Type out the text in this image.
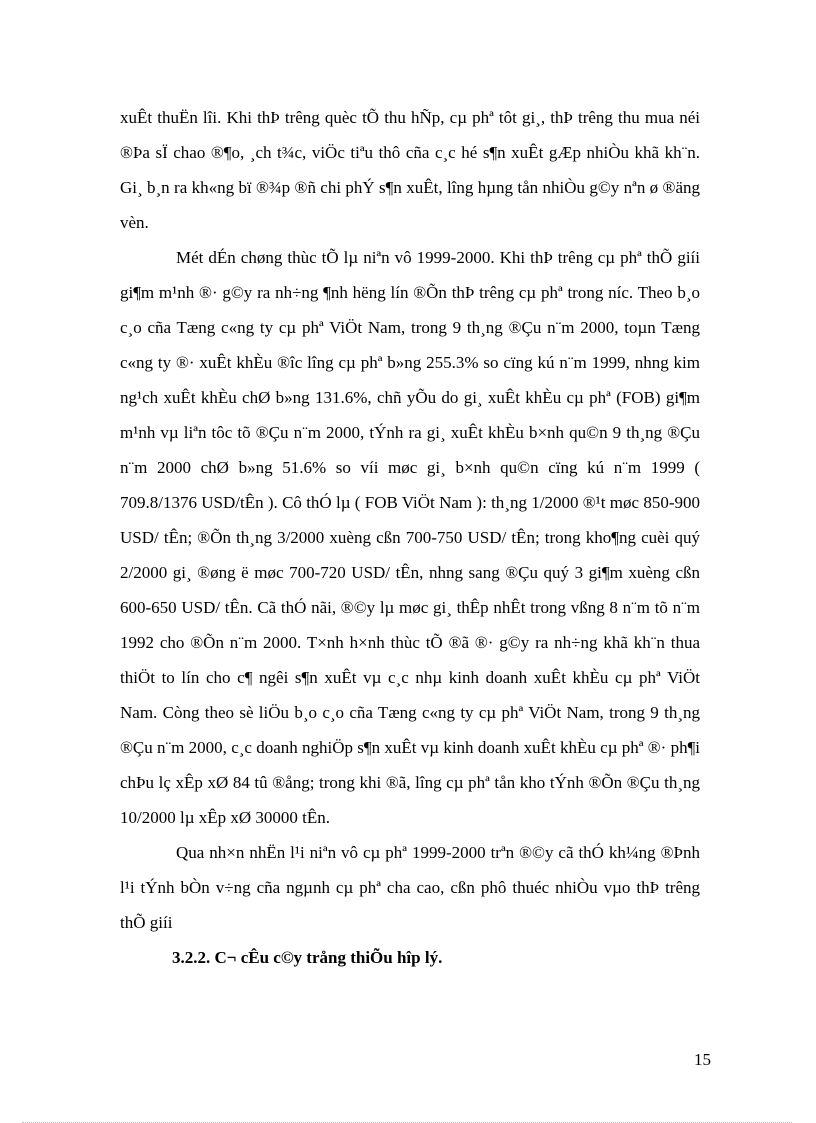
xuÊt thuËn lîi. Khi thÞ trêng quèc tÕ thu hÑp, cµ phª tôt gi¸, thÞ trêng thu mua néi ®Þa sÏ chao ®¶o, ¸ch t¾c, viÖc tiªu thô cña c¸c hé s¶n xuÊt gÆp nhiÒu khã kh¨n. Gi¸ b¸n ra kh«ng bï ®¾p ®ñ chi phÝ s¶n xuÊt, lîng hµng tån nhiÒu g©y nªn ø ®äng vèn.

Mét dÉn chøng thùc tÕ lµ niªn vô 1999-2000. Khi thÞ trêng cµ phª thÕ giíi gi¶m m¹nh ®· g©y ra nh÷ng ¶nh hëng lín ®Õn thÞ trêng cµ phª trong níc. Theo b¸o c¸o cña Tæng c«ng ty cµ phª ViÖt Nam, trong 9 th¸ng ®Çu n¨m 2000, toµn Tæng c«ng ty ®· xuÊt khÈu ®îc lîng cµ phª b»ng 255.3% so cïng kú n¨m 1999, nhng kim ng¹ch xuÊt khÈu chØ b»ng 131.6%, chñ yÕu do gi¸ xuÊt khÈu cµ phª (FOB) gi¶m m¹nh vµ liªn tôc tõ ®Çu n¨m 2000, tÝnh ra gi¸ xuÊt khÈu b×nh qu©n 9 th¸ng ®Çu n¨m 2000 chØ b»ng 51.6% so víi møc gi¸ b×nh qu©n cïng kú n¨m 1999 ( 709.8/1376 USD/tÊn ). Cô thÓ lµ ( FOB ViÖt Nam ): th¸ng 1/2000 ®¹t møc 850-900 USD/ tÊn; ®Õn th¸ng 3/2000 xuèng cßn 700-750 USD/ tÊn; trong kho¶ng cuèi quý 2/2000 gi¸ ®øng ë møc 700-720 USD/ tÊn, nhng sang ®Çu quý 3 gi¶m xuèng cßn 600-650 USD/ tÊn. Cã thÓ nãi, ®©y lµ møc gi¸ thÊp nhÊt trong vßng 8 n¨m tõ n¨m 1992 cho ®Õn n¨m 2000. T×nh h×nh thùc tÕ ®ã ®· g©y ra nh÷ng khã kh¨n thua thiÖt to lín cho c¶ ngêi s¶n xuÊt vµ c¸c nhµ kinh doanh xuÊt khÈu cµ phª ViÖt Nam. Còng theo sè liÖu b¸o c¸o cña Tæng c«ng ty cµ phª ViÖt Nam, trong 9 th¸ng ®Çu n¨m 2000, c¸c doanh nghiÖp s¶n xuÊt vµ kinh doanh xuÊt khÈu cµ phª ®· ph¶i chÞu lç xÊp xØ 84 tû ®ång; trong khi ®ã, lîng cµ phª tån kho tÝnh ®Õn ®Çu th¸ng 10/2000 lµ xÊp xØ 30000 tÊn.

Qua nh×n nhËn l¹i niªn vô cµ phª 1999-2000 trªn ®©y cã thÓ kh¼ng ®Þnh l¹i tÝnh bÒn v÷ng cña ngµnh cµ phª cha cao, cßn phô thuéc nhiÒu vµo thÞ trêng thÕ giíi

3.2.2. C¬ cÊu c©y trång thiÕu hîp lý.

15
